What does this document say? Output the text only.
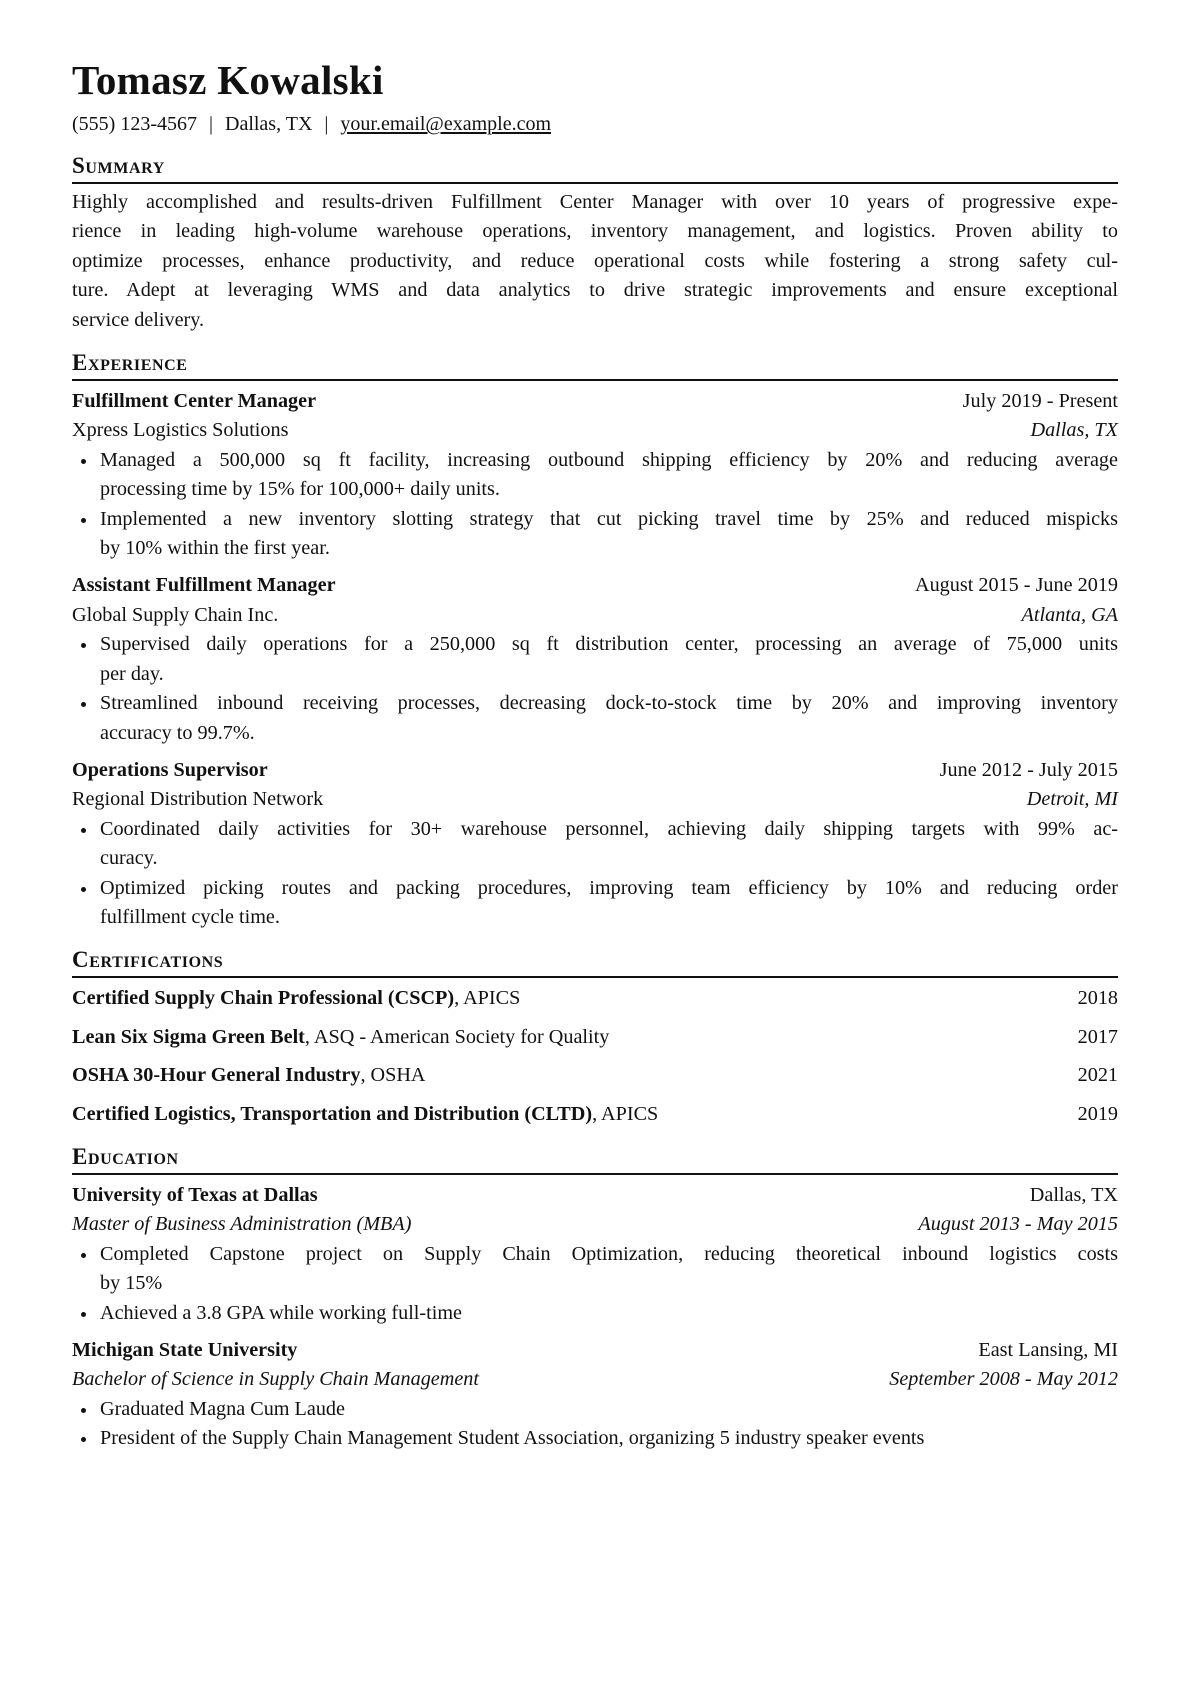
Tomasz Kowalski
(555) 123-4567 | Dallas, TX | your.email@example.com
Summary
Highly accomplished and results-driven Fulfillment Center Manager with over 10 years of progressive expe-
rience in leading high-volume warehouse operations, inventory management, and logistics. Proven ability to
optimize processes, enhance productivity, and reduce operational costs while fostering a strong safety cul-
ture. Adept at leveraging WMS and data analytics to drive strategic improvements and ensure exceptional
service delivery.
Experience
Fulfillment Center Manager	July 2019 - Present
Xpress Logistics Solutions	Dallas, TX
Managed a 500,000 sq ft facility, increasing outbound shipping efficiency by 20% and reducing average
processing time by 15% for 100,000+ daily units.
Implemented a new inventory slotting strategy that cut picking travel time by 25% and reduced mispicks
by 10% within the first year.
Assistant Fulfillment Manager	August 2015 - June 2019
Global Supply Chain Inc.	Atlanta, GA
Supervised daily operations for a 250,000 sq ft distribution center, processing an average of 75,000 units
per day.
Streamlined inbound receiving processes, decreasing dock-to-stock time by 20% and improving inventory
accuracy to 99.7%.
Operations Supervisor	June 2012 - July 2015
Regional Distribution Network	Detroit, MI
Coordinated daily activities for 30+ warehouse personnel, achieving daily shipping targets with 99% ac-
curacy.
Optimized picking routes and packing procedures, improving team efficiency by 10% and reducing order
fulfillment cycle time.
Certifications
Certified Supply Chain Professional (CSCP), APICS	2018
Lean Six Sigma Green Belt, ASQ - American Society for Quality	2017
OSHA 30-Hour General Industry, OSHA	2021
Certified Logistics, Transportation and Distribution (CLTD), APICS	2019
Education
University of Texas at Dallas	Dallas, TX
Master of Business Administration (MBA)	August 2013 - May 2015
Completed Capstone project on Supply Chain Optimization, reducing theoretical inbound logistics costs
by 15%
Achieved a 3.8 GPA while working full-time
Michigan State University	East Lansing, MI
Bachelor of Science in Supply Chain Management	September 2008 - May 2012
Graduated Magna Cum Laude
President of the Supply Chain Management Student Association, organizing 5 industry speaker events
